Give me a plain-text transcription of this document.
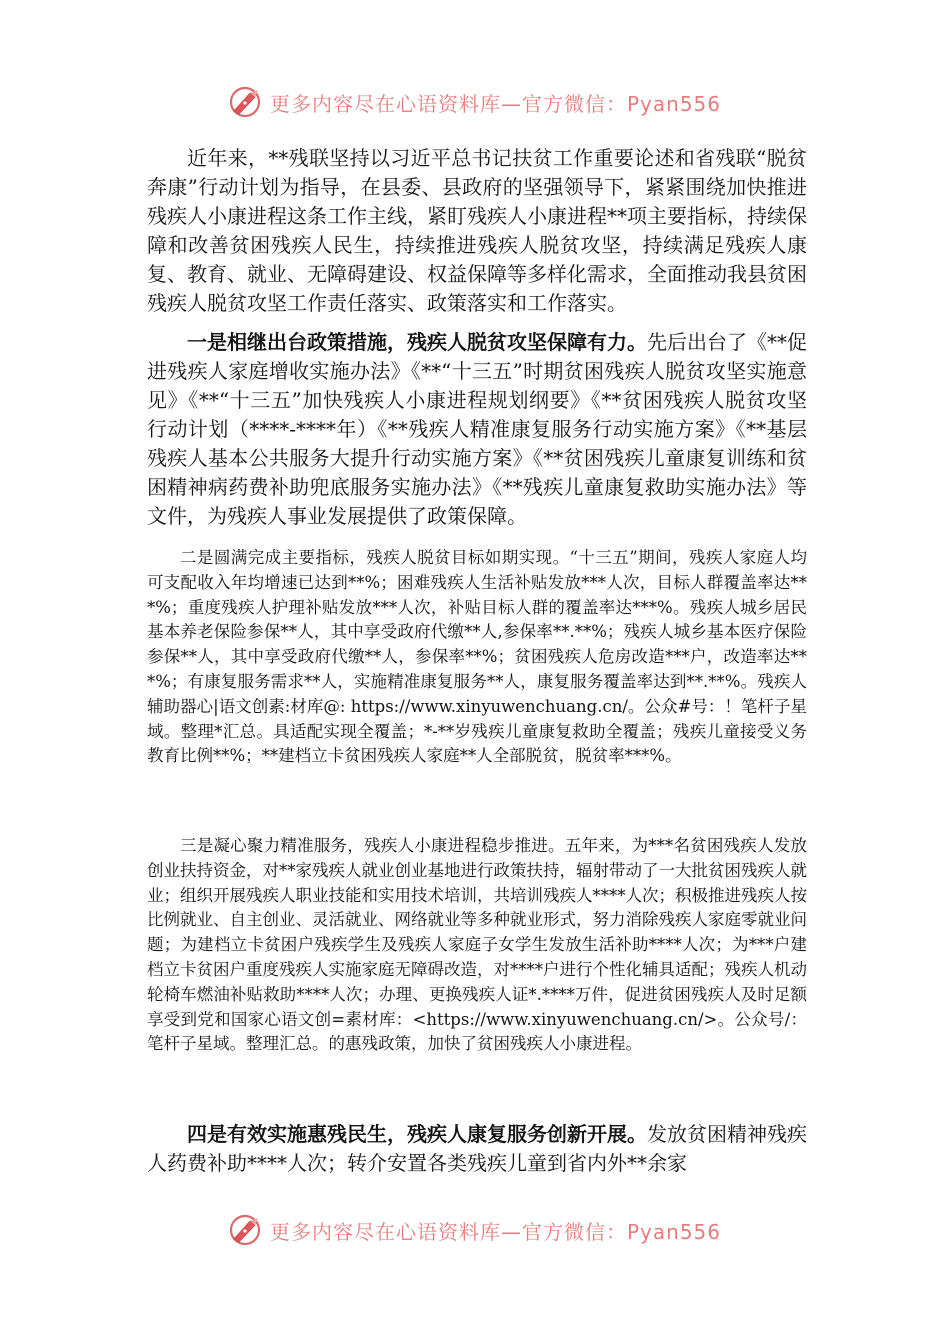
更多内容尽在心语资料库—官方微信：Pyan556

近年来，**残联坚持以习近平总书记扶贫工作重要论述和省残联“脱贫奔康”行动计划为指导，在县委、县政府的坚强领导下，紧紧围绕加快推进残疾人小康进程这条工作主线，紧盯残疾人小康进程**项主要指标，持续保障和改善贫困残疾人民生，持续推进残疾人脱贫攻坚，持续满足残疾人康复、教育、就业、无障碍建设、权益保障等多样化需求，全面推动我县贫困残疾人脱贫攻坚工作责任落实、政策落实和工作落实。

一是相继出台政策措施，残疾人脱贫攻坚保障有力。先后出台了《**促进残疾人家庭增收实施办法》《**“十三五”时期贫困残疾人脱贫攻坚实施意见》《**“十三五”加快残疾人小康进程规划纲要》《**贫困残疾人脱贫攻坚行动计划（****-****年）《**残疾人精准康复服务行动实施方案》《**基层残疾人基本公共服务大提升行动实施方案》《**贫困残疾儿童康复训练和贫困精神病药费补助兜底服务实施办法》《**残疾儿童康复救助实施办法》等文件，为残疾人事业发展提供了政策保障。

二是圆满完成主要指标，残疾人脱贫目标如期实现。“十三五”期间，残疾人家庭人均可支配收入年均增速已达到**%；困难残疾人生活补贴发放***人次，目标人群覆盖率达***%；重度残疾人护理补贴发放***人次，补贴目标人群的覆盖率达***%。残疾人城乡居民基本养老保险参保**人，其中享受政府代缴**人,参保率**.**%；残疾人城乡基本医疗保险参保**人，其中享受政府代缴**人，参保率**%；贫困残疾人危房改造***户，改造率达***%；有康复服务需求**人，实施精准康复服务**人，康复服务覆盖率达到**.**%。残疾人辅助器心|语文创素:材库@: https://www.xinyuwenchuang.cn/。公众#号：！笔杆子星域。整理*汇总。具适配实现全覆盖；*-**岁残疾儿童康复救助全覆盖；残疾儿童接受义务教育比例**%；**建档立卡贫困残疾人家庭**人全部脱贫，脱贫率***%。

三是凝心聚力精准服务，残疾人小康进程稳步推进。五年来，为***名贫困残疾人发放创业扶持资金，对**家残疾人就业创业基地进行政策扶持，辐射带动了一大批贫困残疾人就业；组织开展残疾人职业技能和实用技术培训，共培训残疾人****人次；积极推进残疾人按比例就业、自主创业、灵活就业、网络就业等多种就业形式，努力消除残疾人家庭零就业问题；为建档立卡贫困户残疾学生及残疾人家庭子女学生发放生活补助****人次；为***户建档立卡贫困户重度残疾人实施家庭无障碍改造，对****户进行个性化辅具适配；残疾人机动轮椅车燃油补贴救助****人次；办理、更换残疾人证*.****万件，促进贫困残疾人及时足额享受到党和国家心语文创=素材库：<https://www.xinyuwenchuang.cn/>。公众号/：笔杆子星域。整理汇总。的惠残政策，加快了贫困残疾人小康进程。

四是有效实施惠残民生，残疾人康复服务创新开展。发放贫困精神残疾人药费补助****人次；转介安置各类残疾儿童到省内外**余家

更多内容尽在心语资料库—官方微信：Pyan556
